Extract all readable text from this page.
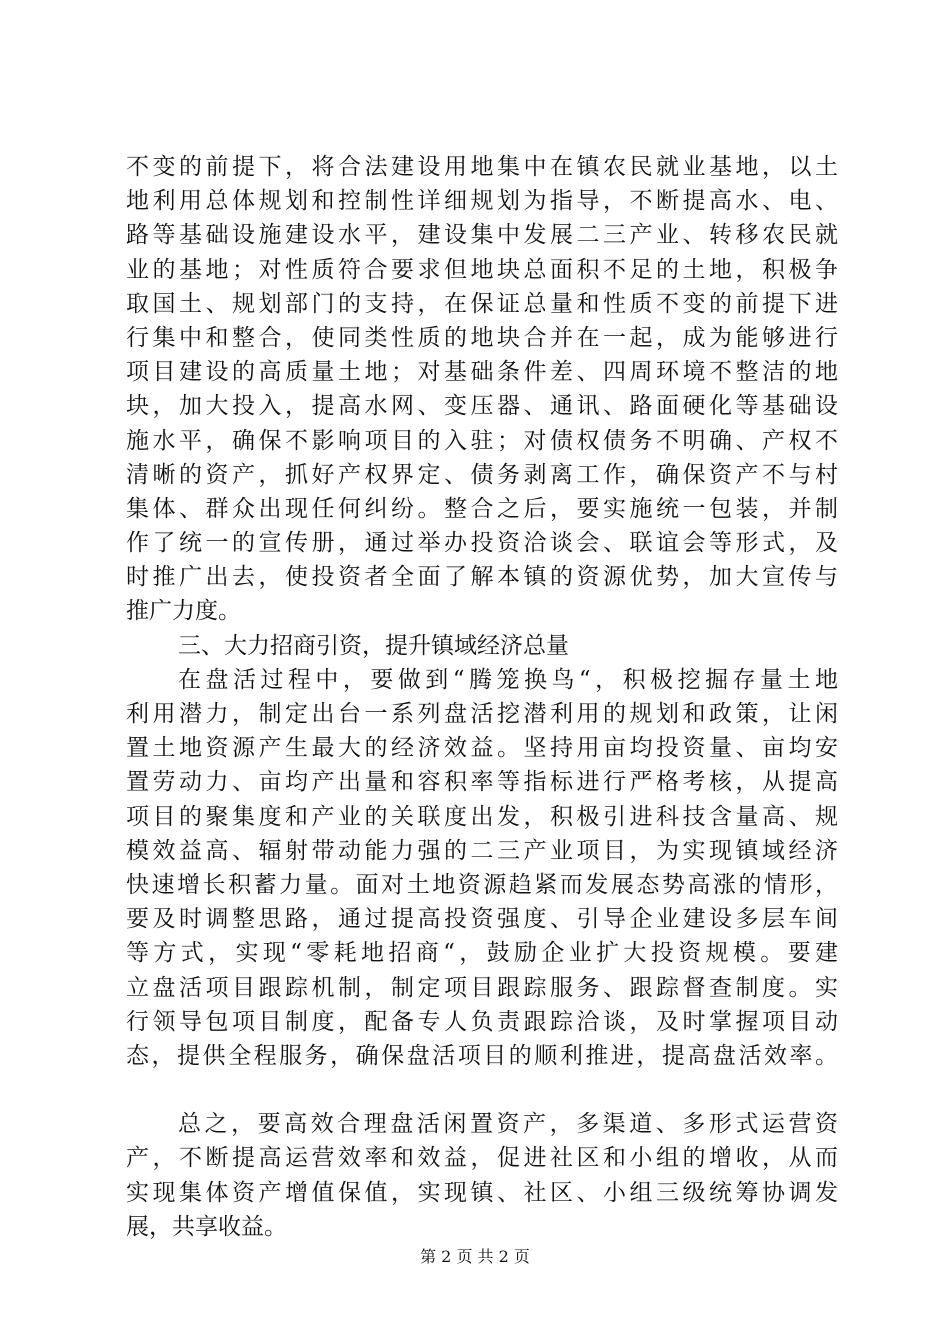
不变的前提下，将合法建设用地集中在镇农民就业基地，以土
地利用总体规划和控制性详细规划为指导，不断提高水、电、
路等基础设施建设水平，建设集中发展二三产业、转移农民就
业的基地；对性质符合要求但地块总面积不足的土地，积极争
取国土、规划部门的支持，在保证总量和性质不变的前提下进
行集中和整合，使同类性质的地块合并在一起，成为能够进行
项目建设的高质量土地；对基础条件差、四周环境不整洁的地
块，加大投入，提高水网、变压器、通讯、路面硬化等基础设
施水平，确保不影响项目的入驻；对债权债务不明确、产权不
清晰的资产，抓好产权界定、债务剥离工作，确保资产不与村
集体、群众出现任何纠纷。整合之后，要实施统一包装，并制
作了统一的宣传册，通过举办投资洽谈会、联谊会等形式，及
时推广出去，使投资者全面了解本镇的资源优势，加大宣传与
推广力度。
三、大力招商引资，提升镇域经济总量
在盘活过程中，要做到“腾笼换鸟“，积极挖掘存量土地
利用潜力，制定出台一系列盘活挖潜利用的规划和政策，让闲
置土地资源产生最大的经济效益。坚持用亩均投资量、亩均安
置劳动力、亩均产出量和容积率等指标进行严格考核，从提高
项目的聚集度和产业的关联度出发，积极引进科技含量高、规
模效益高、辐射带动能力强的二三产业项目，为实现镇域经济
快速增长积蓄力量。面对土地资源趋紧而发展态势高涨的情形，
要及时调整思路，通过提高投资强度、引导企业建设多层车间
等方式，实现“零耗地招商“，鼓励企业扩大投资规模。要建
立盘活项目跟踪机制，制定项目跟踪服务、跟踪督查制度。实
行领导包项目制度，配备专人负责跟踪洽谈，及时掌握项目动
态，提供全程服务，确保盘活项目的顺利推进，提高盘活效率。
总之，要高效合理盘活闲置资产，多渠道、多形式运营资
产，不断提高运营效率和效益，促进社区和小组的增收，从而
实现集体资产增值保值，实现镇、社区、小组三级统筹协调发
展，共享收益。
第 2 页 共 2 页
